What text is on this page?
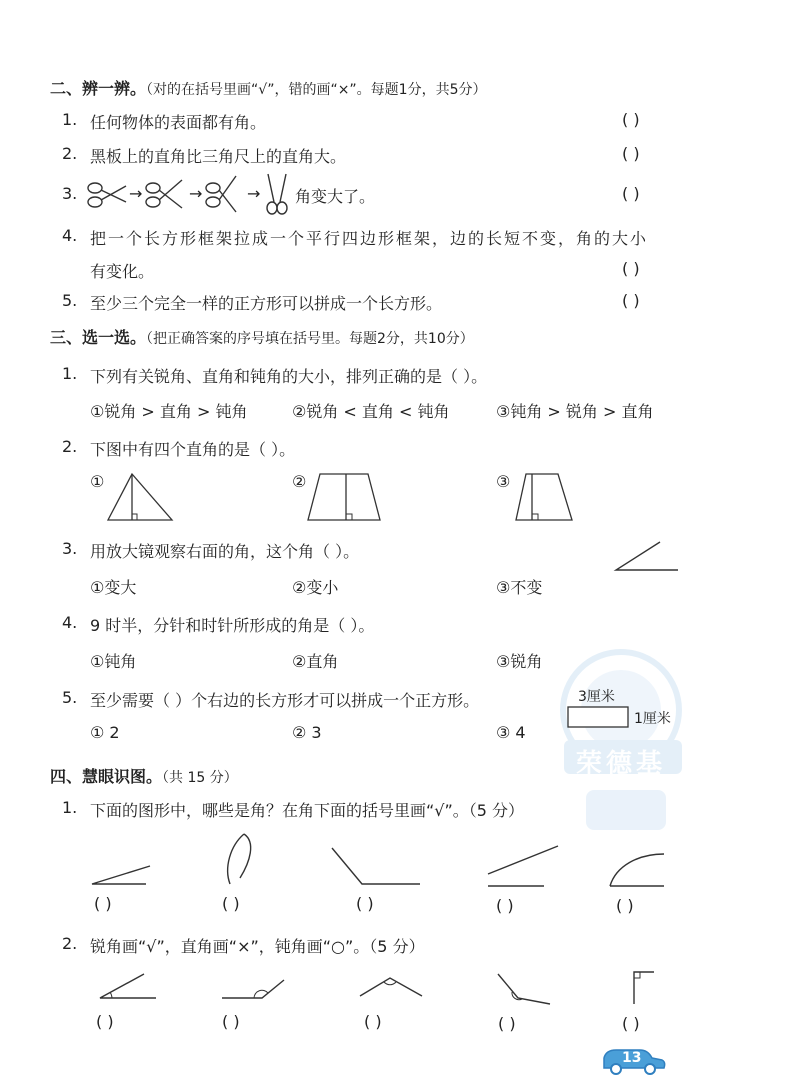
荣德基
二、辨一辨。（对的在括号里画“√”，错的画“×”。每题1分，共5分）
1. 任何物体的表面都有角。	( )
2. 黑板上的直角比三角尺上的直角大。	( )
3.	→	→	→ 角变大了。	( )
4. 把一个长方形框架拉成一个平行四边形框架，边的长短不变，角的大小
有变化。	( )
5. 至少三个完全一样的正方形可以拼成一个长方形。	( )
三、选一选。（把正确答案的序号填在括号里。每题2分，共10分）
1. 下列有关锐角、直角和钝角的大小，排列正确的是（ ）。
①锐角 > 直角 > 钝角	②锐角 < 直角 < 钝角	③钝角 > 锐角 > 直角
2. 下图中有四个直角的是（ ）。
①	②	③
3. 用放大镜观察右面的角，这个角（ ）。
①变大	②变小	③不变
4. 9 时半，分针和时针所形成的角是（ ）。
①钝角	②直角	③锐角
5. 至少需要（ ）个右边的长方形才可以拼成一个正方形。	3厘米
1厘米
① 2	② 3	③ 4
四、慧眼识图。（共 15 分）
1. 下面的图形中，哪些是角？在角下面的括号里画“√”。（5 分）
( )	( )	( )	( )	( )
2. 锐角画“√”，直角画“×”，钝角画“○”。（5 分）
( )	( )	( )	( )	( )
13
